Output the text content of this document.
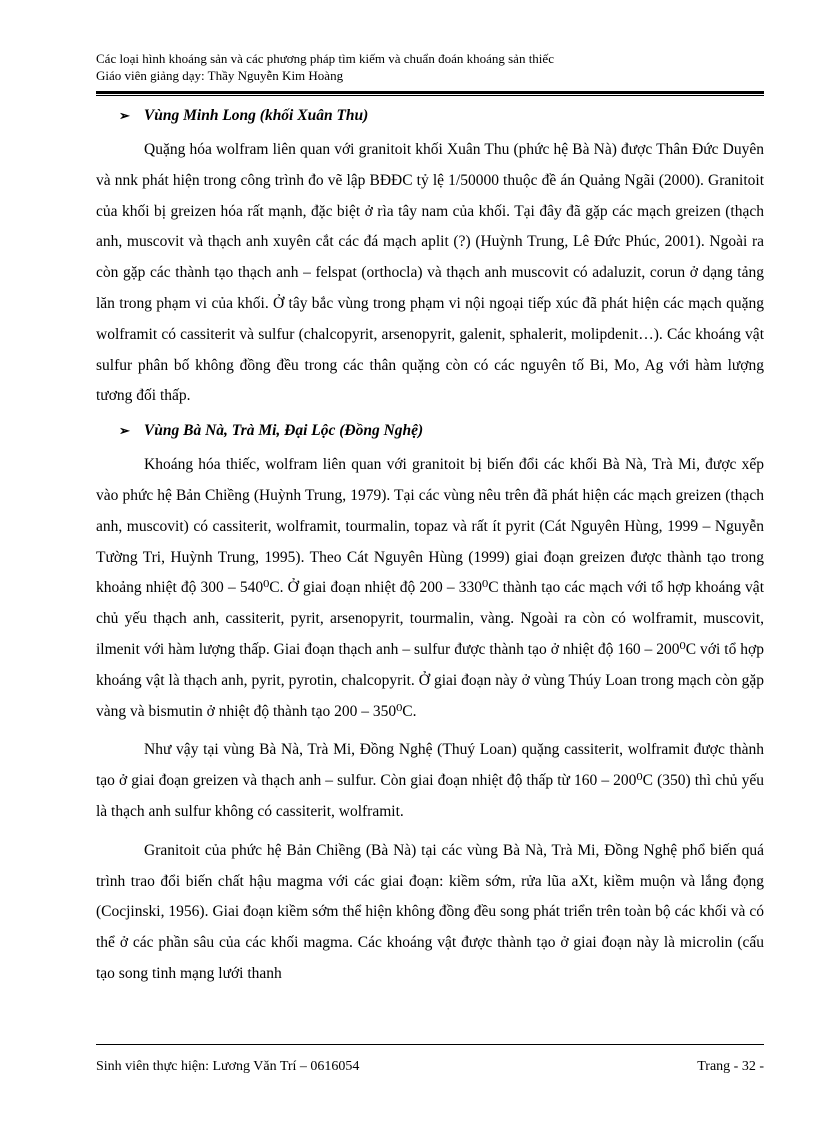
Các loại hình khoáng sản và các phương pháp tìm kiếm và chuẩn đoán khoáng sản thiếc
Giáo viên giảng dạy: Thầy Nguyễn Kim Hoàng
➢ Vùng Minh Long (khối Xuân Thu)

Quặng hóa wolfram liên quan với granitoit khối Xuân Thu (phức hệ Bà Nà) được Thân Đức Duyên và nnk phát hiện trong công trình đo vẽ lập BĐĐC tỷ lệ 1/50000 thuộc đề án Quảng Ngãi (2000). Granitoit của khối bị greizen hóa rất mạnh, đặc biệt ở rìa tây nam của khối. Tại đây đã gặp các mạch greizen (thạch anh, muscovit và thạch anh xuyên cắt các đá mạch aplit (?) (Huỳnh Trung, Lê Đức Phúc, 2001). Ngoài ra còn gặp các thành tạo thạch anh – felspat (orthocla) và thạch anh muscovit có adaluzit, corun ở dạng tảng lăn trong phạm vi của khối. Ở tây bắc vùng trong phạm vi nội ngoại tiếp xúc đã phát hiện các mạch quặng wolframit có cassiterit và sulfur (chalcopyrit, arsenopyrit, galenit, sphalerit, molipdenit…). Các khoáng vật sulfur phân bố không đồng đều trong các thân quặng còn có các nguyên tố Bi, Mo, Ag với hàm lượng tương đối thấp.

➢ Vùng Bà Nà, Trà Mi, Đại Lộc (Đồng Nghệ)

Khoáng hóa thiếc, wolfram liên quan với granitoit bị biến đổi các khối Bà Nà, Trà Mi, được xếp vào phức hệ Bản Chiềng (Huỳnh Trung, 1979). Tại các vùng nêu trên đã phát hiện các mạch greizen (thạch anh, muscovit) có cassiterit, wolframit, tourmalin, topaz và rất ít pyrit (Cát Nguyên Hùng, 1999 – Nguyễn Tường Tri, Huỳnh Trung, 1995). Theo Cát Nguyên Hùng (1999) giai đoạn greizen được thành tạo trong khoảng nhiệt độ 300 – 540⁰C. Ở giai đoạn nhiệt độ 200 – 330⁰C thành tạo các mạch với tổ hợp khoáng vật chủ yếu thạch anh, cassiterit, pyrit, arsenopyrit, tourmalin, vàng. Ngoài ra còn có wolframit, muscovit, ilmenit với hàm lượng thấp. Giai đoạn thạch anh – sulfur được thành tạo ở nhiệt độ 160 – 200⁰C với tổ hợp khoáng vật là thạch anh, pyrit, pyrotin, chalcopyrit. Ở giai đoạn này ở vùng Thúy Loan trong mạch còn gặp vàng và bismutin ở nhiệt độ thành tạo 200 – 350⁰C.

Như vậy tại vùng Bà Nà, Trà Mi, Đồng Nghệ (Thuý Loan) quặng cassiterit, wolframit được thành tạo ở giai đoạn greizen và thạch anh – sulfur. Còn giai đoạn nhiệt độ thấp từ 160 – 200⁰C (350) thì chủ yếu là thạch anh sulfur không có cassiterit, wolframit.

Granitoit của phức hệ Bản Chiềng (Bà Nà) tại các vùng Bà Nà, Trà Mi, Đồng Nghệ phổ biến quá trình trao đổi biến chất hậu magma với các giai đoạn: kiềm sớm, rửa lũa aXt, kiềm muộn và lắng đọng (Cocjinski, 1956). Giai đoạn kiềm sớm thể hiện không đồng đều song phát triển trên toàn bộ các khối và có thể ở các phần sâu của các khối magma. Các khoáng vật được thành tạo ở giai đoạn này là microlin (cấu tạo song tinh mạng lưới thanh

Sinh viên thực hiện: Lương Văn Trí – 0616054	Trang - 32 -
